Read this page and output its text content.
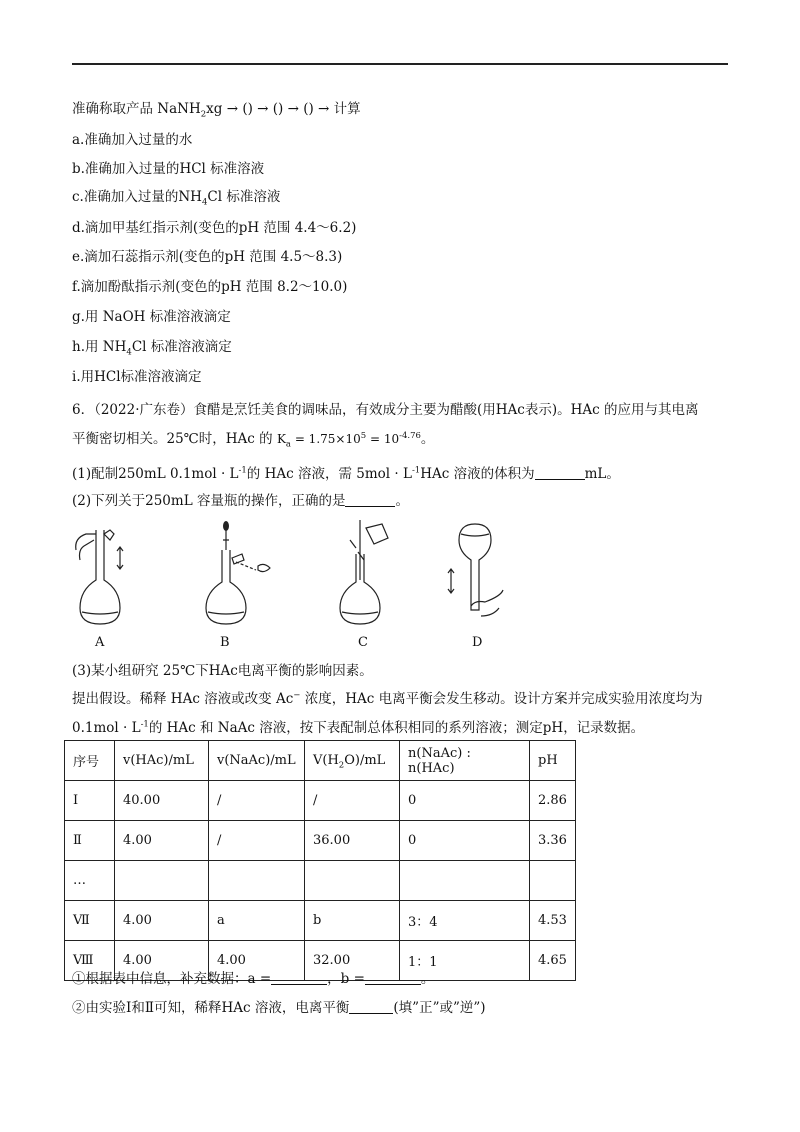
准确称取产品 NaNH$_2$xg → () → () → () → 计算
a.准确加入过量的水
b.准确加入过量的HCl 标准溶液
c.准确加入过量的$NH_4Cl$ 标准溶液
d.滴加甲基红指示剂(变色的pH 范围 4.4～6.2)
e.滴加石蕊指示剂(变色的pH 范围 4.5～8.3)
f.滴加酚酞指示剂(变色的pH 范围 8.2～10.0)
g.用 NaOH 标准溶液滴定
h.用 $NH_4Cl$ 标准溶液滴定
i.用HCl标准溶液滴定
6．（2022·广东卷）食醋是烹饪美食的调味品，有效成分主要为醋酸(用HAc表示)。HAc 的应用与其电离
平衡密切相关。25℃时，HAc 的 $K_a = 1.75\times 10^5 = 10^{-4.76}$。
(1)配制250mL $0.1mol \cdot L^{-1}$的 HAc 溶液，需 $5mol \cdot L^{-1}HAc$ 溶液的体积为	mL。
(2)下列关于250mL 容量瓶的操作，正确的是	。
A	B	C	D
(3)某小组研究 25℃下HAc电离平衡的影响因素。
提出假设。稀释 HAc 溶液或改变 Ac− 浓度，HAc 电离平衡会发生移动。设计方案并完成实验用浓度均为
$0.1mol \cdot L^{-1}$的 HAc 和 NaAc 溶液，按下表配制总体积相同的系列溶液；测定pH，记录数据。
序号	v(HAc)/mL	v(NaAc)/mL	$V(H_2O)/mL$	n(NaAc) : n(HAc)	pH
Ⅰ	40.00	/	/	0	2.86
Ⅱ	4.00	/	36.00	0	3.36
…					
Ⅶ	4.00	a	b	3：4	4.53
Ⅷ	4.00	4.00	32.00	1：1	4.65
①根据表中信息，补充数据：a =	，b =	。
②由实验Ⅰ和Ⅱ可知，稀释HAc 溶液，电离平衡	(填”正”或”逆”)
